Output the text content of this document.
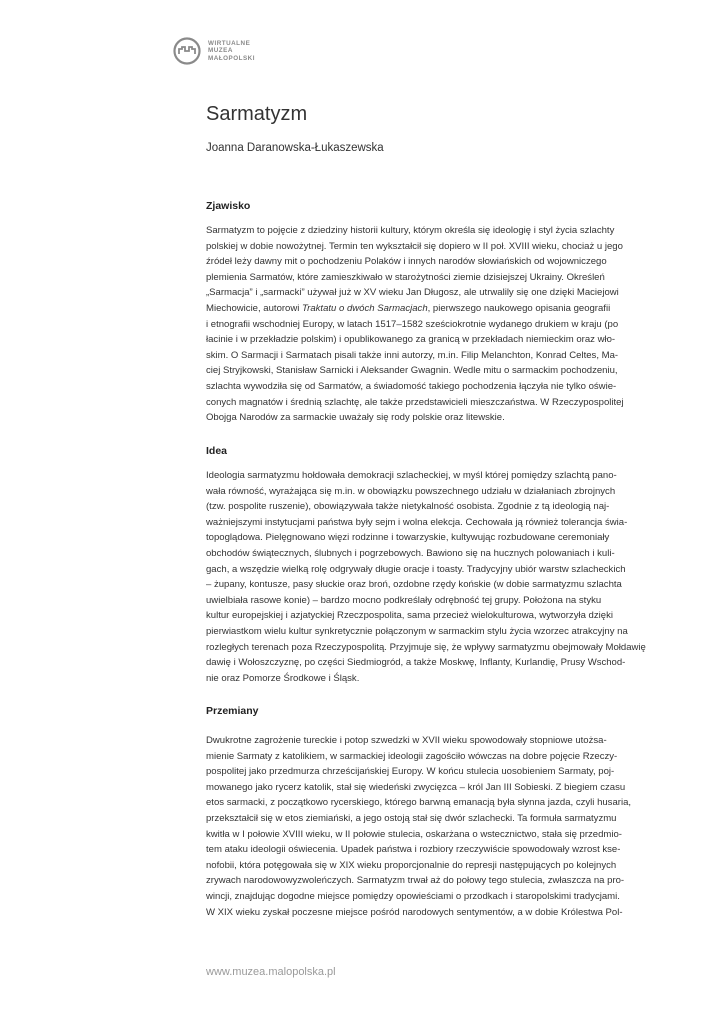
WIRTUALNE
MUZEA
MAŁOPOLSKI
Sarmatyzm
Joanna Daranowska-Łukaszewska
Zjawisko
Sarmatyzm to pojęcie z dziedziny historii kultury, którym określa się ideologię i styl życia szlachty
polskiej w dobie nowożytnej. Termin ten wykształcił się dopiero w II poł. XVIII wieku, chociaż u jego
źródeł leży dawny mit o pochodzeniu Polaków i innych narodów słowiańskich od wojowniczego
plemienia Sarmatów, które zamieszkiwało w starożytności ziemie dzisiejszej Ukrainy. Określeń
„Sarmacja” i „sarmacki” używał już w XV wieku Jan Długosz, ale utrwalily się one dzięki Maciejowi
Miechowicie, autorowi Traktatu o dwóch Sarmacjach, pierwszego naukowego opisania geografii
i etnografii wschodniej Europy, w latach 1517–1582 sześciokrotnie wydanego drukiem w kraju (po
łacinie i w przekładzie polskim) i opublikowanego za granicą w przekładach niemieckim oraz wło-
skim. O Sarmacji i Sarmatach pisali także inni autorzy, m.in. Filip Melanchton, Konrad Celtes, Ma-
ciej Stryjkowski, Stanisław Sarnicki i Aleksander Gwagnin. Wedle mitu o sarmackim pochodzeniu,
szlachta wywodziła się od Sarmatów, a świadomość takiego pochodzenia łączyła nie tylko oświe-
conych magnatów i średnią szlachtę, ale także przedstawicieli mieszczaństwa. W Rzeczypospolitej
Obojga Narodów za sarmackie uważały się rody polskie oraz litewskie.
Idea
Ideologia sarmatyzmu hołdowała demokracji szlacheckiej, w myśl której pomiędzy szlachtą pano-
wała równość, wyrażająca się m.in. w obowiązku powszechnego udziału w działaniach zbrojnych
(tzw. pospolite ruszenie), obowiązywała także nietykalność osobista. Zgodnie z tą ideologią naj-
ważniejszymi instytucjami państwa były sejm i wolna elekcja. Cechowała ją również tolerancja świa-
topoglądowa. Pielęgnowano więzi rodzinne i towarzyskie, kultywując rozbudowane ceremoniały
obchodów świątecznych, ślubnych i pogrzebowych. Bawiono się na hucznych polowaniach i kuli-
gach, a wszędzie wielką rolę odgrywały długie oracje i toasty. Tradycyjny ubiór warstw szlacheckich
– żupany, kontusze, pasy słuckie oraz broń, ozdobne rzędy końskie (w dobie sarmatyzmu szlachta
uwielbiała rasowe konie) – bardzo mocno podkreślały odrębność tej grupy. Położona na styku
kultur europejskiej i azjatyckiej Rzeczpospolita, sama przecież wielokulturowa, wytworzyła dzięki
pierwiastkom wielu kultur synkretycznie połączonym w sarmackim stylu życia wzorzec atrakcyjny na
rozległych terenach poza Rzeczypospolitą. Przyjmuje się, że wpływy sarmatyzmu obejmowały Mołdawię
dawię i Wołoszczyznę, po części Siedmiogród, a także Moskwę, Inflanty, Kurlandię, Prusy Wschod-
nie oraz Pomorze Środkowe i Śląsk.
Przemiany
Dwukrotne zagrożenie tureckie i potop szwedzki w XVII wieku spowodowały stopniowe utożsa-
mienie Sarmaty z katolikiem, w sarmackiej ideologii zagościło wówczas na dobre pojęcie Rzeczy-
pospolitej jako przedmurza chrześcijańskiej Europy. W końcu stulecia uosobieniem Sarmaty, poj-
mowanego jako rycerz katolik, stał się wiedeński zwycięzca – król Jan III Sobieski. Z biegiem czasu
etos sarmacki, z początkowo rycerskiego, którego barwną emanacją była słynna jazda, czyli husaria,
przekształcił się w etos ziemiański, a jego ostoją stał się dwór szlachecki. Ta formuła sarmatyzmu
kwitła w I połowie XVIII wieku, w II połowie stulecia, oskarżana o wstecznictwo, stała się przedmio-
tem ataku ideologii oświecenia. Upadek państwa i rozbiory rzeczywiście spowodowały wzrost kse-
nofobii, która potęgowała się w XIX wieku proporcjonalnie do represji następujących po kolejnych
zrywach narodowowyzwoleńczych. Sarmatyzm trwał aż do połowy tego stulecia, zwłaszcza na pro-
wincji, znajdując dogodne miejsce pomiędzy opowieściami o przodkach i staropolskimi tradycjami.
W XIX wieku zyskał poczesne miejsce pośród narodowych sentymentów, a w dobie Królestwa Pol-
www.muzea.malopolska.pl
